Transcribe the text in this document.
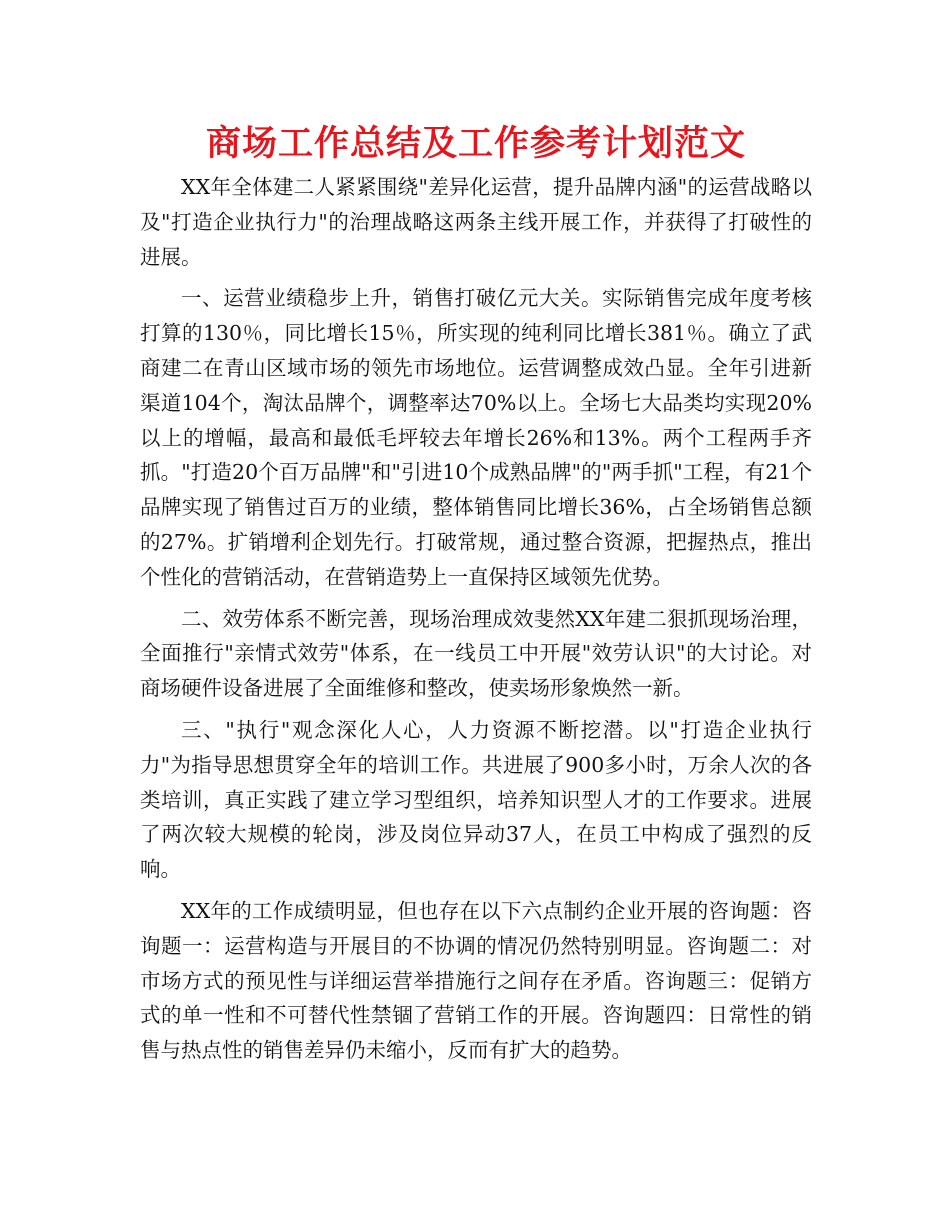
商场工作总结及工作参考计划范文

XX年全体建二人紧紧围绕"差异化运营，提升品牌内涵"的运营战略以及"打造企业执行力"的治理战略这两条主线开展工作，并获得了打破性的进展。

一、运营业绩稳步上升，销售打破亿元大关。实际销售完成年度考核打算的130％，同比增长15％，所实现的纯利同比增长381％。确立了武商建二在青山区域市场的领先市场地位。运营调整成效凸显。全年引进新渠道104个，淘汰品牌个，调整率达70%以上。全场七大品类均实现20%以上的增幅，最高和最低毛坪较去年增长26%和13%。两个工程两手齐抓。"打造20个百万品牌"和"引进10个成熟品牌"的"两手抓"工程，有21个品牌实现了销售过百万的业绩，整体销售同比增长36%，占全场销售总额的27%。扩销增利企划先行。打破常规，通过整合资源，把握热点，推出个性化的营销活动，在营销造势上一直保持区域领先优势。

二、效劳体系不断完善，现场治理成效斐然XX年建二狠抓现场治理，全面推行"亲情式效劳"体系，在一线员工中开展"效劳认识"的大讨论。对商场硬件设备进展了全面维修和整改，使卖场形象焕然一新。

三、"执行"观念深化人心，人力资源不断挖潜。以"打造企业执行力"为指导思想贯穿全年的培训工作。共进展了900多小时，万余人次的各类培训，真正实践了建立学习型组织，培养知识型人才的工作要求。进展了两次较大规模的轮岗，涉及岗位异动37人，在员工中构成了强烈的反响。

XX年的工作成绩明显，但也存在以下六点制约企业开展的咨询题：咨询题一：运营构造与开展目的不协调的情况仍然特别明显。咨询题二：对市场方式的预见性与详细运营举措施行之间存在矛盾。咨询题三：促销方式的单一性和不可替代性禁锢了营销工作的开展。咨询题四：日常性的销售与热点性的销售差异仍未缩小，反而有扩大的趋势。
